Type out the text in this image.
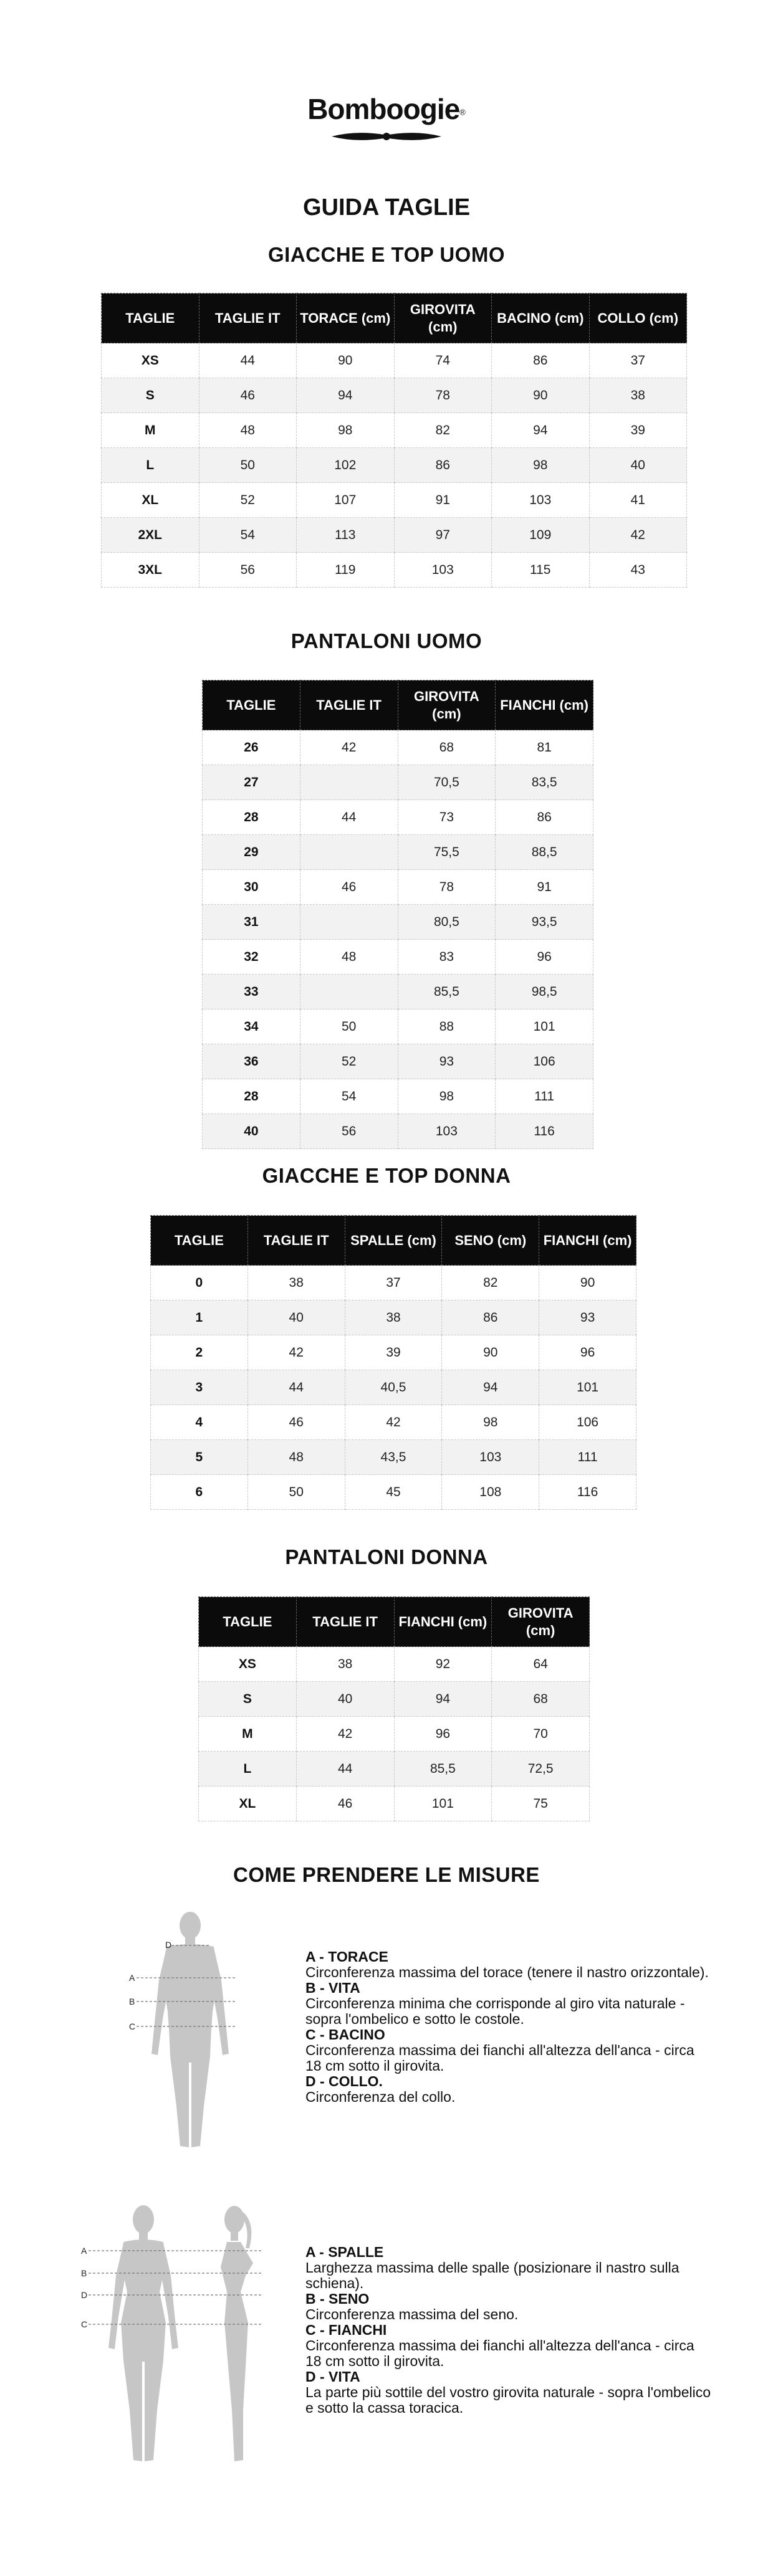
Bomboogie®
GUIDA TAGLIE
GIACCHE E TOP UOMO
TAGLIE	TAGLIE IT	TORACE (cm)	GIROVITA (cm)	BACINO (cm)	COLLO (cm)
XS	44	90	74	86	37
S	46	94	78	90	38
M	48	98	82	94	39
L	50	102	86	98	40
XL	52	107	91	103	41
2XL	54	113	97	109	42
3XL	56	119	103	115	43
PANTALONI UOMO
TAGLIE	TAGLIE IT	GIROVITA (cm)	FIANCHI (cm)
26	42	68	81
27		70,5	83,5
28	44	73	86
29		75,5	88,5
30	46	78	91
31		80,5	93,5
32	48	83	96
33		85,5	98,5
34	50	88	101
36	52	93	106
28	54	98	111
40	56	103	116
GIACCHE E TOP DONNA
TAGLIE	TAGLIE IT	SPALLE (cm)	SENO (cm)	FIANCHI (cm)
0	38	37	82	90
1	40	38	86	93
2	42	39	90	96
3	44	40,5	94	101
4	46	42	98	106
5	48	43,5	103	111
6	50	45	108	116
PANTALONI DONNA
TAGLIE	TAGLIE IT	FIANCHI (cm)	GIROVITA (cm)
XS	38	92	64
S	40	94	68
M	42	96	70
L	44	85,5	72,5
XL	46	101	75
COME PRENDERE LE MISURE
D
A
B
C
A - TORACE
Circonferenza massima del torace (tenere il nastro orizzontale).
B - VITA
Circonferenza minima che corrisponde al giro vita naturale - sopra l'ombelico e sotto le costole.
C - BACINO
Circonferenza massima dei fianchi all'altezza dell'anca - circa 18 cm sotto il girovita.
D - COLLO.
Circonferenza del collo.
A
B
D
C
A - SPALLE
Larghezza massima delle spalle (posizionare il nastro sulla schiena).
B - SENO
Circonferenza massima del seno.
C - FIANCHI
Circonferenza massima dei fianchi all'altezza dell'anca - circa 18 cm sotto il girovita.
D - VITA
La parte più sottile del vostro girovita naturale - sopra l'ombelico e sotto la cassa toracica.
